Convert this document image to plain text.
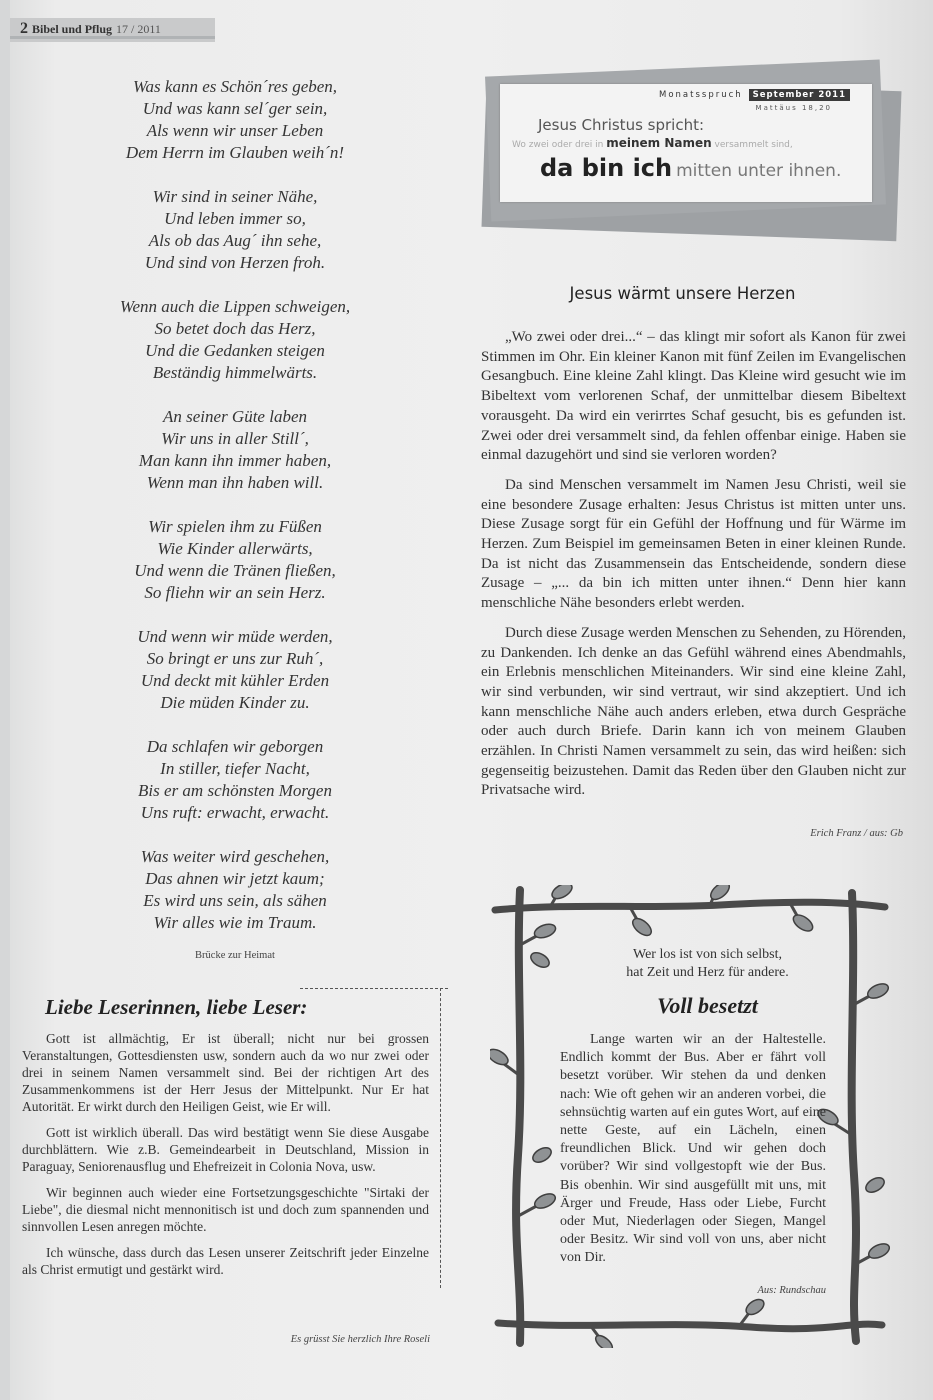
2 Bibel und Pflug 17 / 2011
Was kann es Schön´res geben,
Und was kann sel´ger sein,
Als wenn wir unser Leben
Dem Herrn im Glauben weih´n!
Wir sind in seiner Nähe,
Und leben immer so,
Als ob das Aug´ ihn sehe,
Und sind von Herzen froh.
Wenn auch die Lippen schweigen,
So betet doch das Herz,
Und die Gedanken steigen
Beständig himmelwärts.
An seiner Güte laben
Wir uns in aller Still´,
Man kann ihn immer haben,
Wenn man ihn haben will.
Wir spielen ihm zu Füßen
Wie Kinder allerwärts,
Und wenn die Tränen fließen,
So fliehn wir an sein Herz.
Und wenn wir müde werden,
So bringt er uns zur Ruh´,
Und deckt mit kühler Erden
Die müden Kinder zu.
Da schlafen wir geborgen
In stiller, tiefer Nacht,
Bis er am schönsten Morgen
Uns ruft: erwacht, erwacht.
Was weiter wird geschehen,
Das ahnen wir jetzt kaum;
Es wird uns sein, als sähen
Wir alles wie im Traum.
Brücke zur Heimat
Liebe Leserinnen, liebe Leser:

Gott ist allmächtig, Er ist überall; nicht nur bei grossen Veranstaltungen, Gottesdiensten usw, sondern auch da wo nur zwei oder drei in seinem Namen versammelt sind. Bei der richtigen Art des Zusammenkommens ist der Herr Jesus der Mittelpunkt. Nur Er hat Autorität. Er wirkt durch den Heiligen Geist, wie Er will.

Gott ist wirklich überall. Das wird bestätigt wenn Sie diese Ausgabe durchblättern. Wie z.B. Gemeindearbeit in Deutschland, Mission in Paraguay, Seniorenausflug und Ehefreizeit in Colonia Nova, usw.

Wir beginnen auch wieder eine Fortsetzungsgeschichte "Sirtaki der Liebe", die diesmal nicht mennonitisch ist und doch zum spannenden und sinnvollen Lesen anregen möchte.

Ich wünsche, dass durch das Lesen unserer Zeitschrift jeder Einzelne als Christ ermutigt und gestärkt wird.

Es grüsst Sie herzlich Ihre Roseli
Monatsspruch September 2011
Mattäus 18,20
Jesus Christus spricht:
Wo zwei oder drei in meinem Namen versammelt sind,
da bin ich mitten unter ihnen.
Jesus wärmt unsere Herzen

„Wo zwei oder drei...“ – das klingt mir sofort als Kanon für zwei Stimmen im Ohr. Ein kleiner Kanon mit fünf Zeilen im Evangelischen Gesangbuch. Eine kleine Zahl klingt. Das Kleine wird gesucht wie im Bibeltext vom verlorenen Schaf, der unmittelbar diesem Bibeltext vorausgeht. Da wird ein verirrtes Schaf gesucht, bis es gefunden ist. Zwei oder drei versammelt sind, da fehlen offenbar einige. Haben sie einmal dazugehört und sind sie verloren worden?

Da sind Menschen versammelt im Namen Jesu Christi, weil sie eine besondere Zusage erhalten: Jesus Christus ist mitten unter uns. Diese Zusage sorgt für ein Gefühl der Hoffnung und für Wärme im Herzen. Zum Beispiel im gemeinsamen Beten in einer kleinen Runde. Da ist nicht das Zusammensein das Entscheidende, sondern diese Zusage – „... da bin ich mitten unter ihnen.“ Denn hier kann menschliche Nähe besonders erlebt werden.

Durch diese Zusage werden Menschen zu Sehenden, zu Hörenden, zu Dankenden. Ich denke an das Gefühl während eines Abendmahls, ein Erlebnis menschlichen Miteinanders. Wir sind eine kleine Zahl, wir sind verbunden, wir sind vertraut, wir sind akzeptiert. Und ich kann menschliche Nähe auch anders erleben, etwa durch Gespräche oder auch durch Briefe. Darin kann ich von meinem Glauben erzählen. In Christi Namen versammelt zu sein, das wird heißen: sich gegenseitig beizustehen. Damit das Reden über den Glauben nicht zur Privatsache wird.

Erich Franz / aus: Gb
Wer los ist von sich selbst,
hat Zeit und Herz für andere.
Voll besetzt

Lange warten wir an der Haltestelle. Endlich kommt der Bus. Aber er fährt voll besetzt vorüber. Wir stehen da und denken nach: Wie oft gehen wir an anderen vorbei, die sehnsüchtig warten auf ein gutes Wort, auf eine nette Geste, auf ein Lächeln, einen freundlichen Blick. Und wir gehen doch vorüber? Wir sind vollgestopft wie der Bus. Bis obenhin. Wir sind ausgefüllt mit uns, mit Ärger und Freude, Hass oder Liebe, Furcht oder Mut, Niederlagen oder Siegen, Mangel oder Besitz. Wir sind voll von uns, aber nicht von Dir.

Aus: Rundschau
